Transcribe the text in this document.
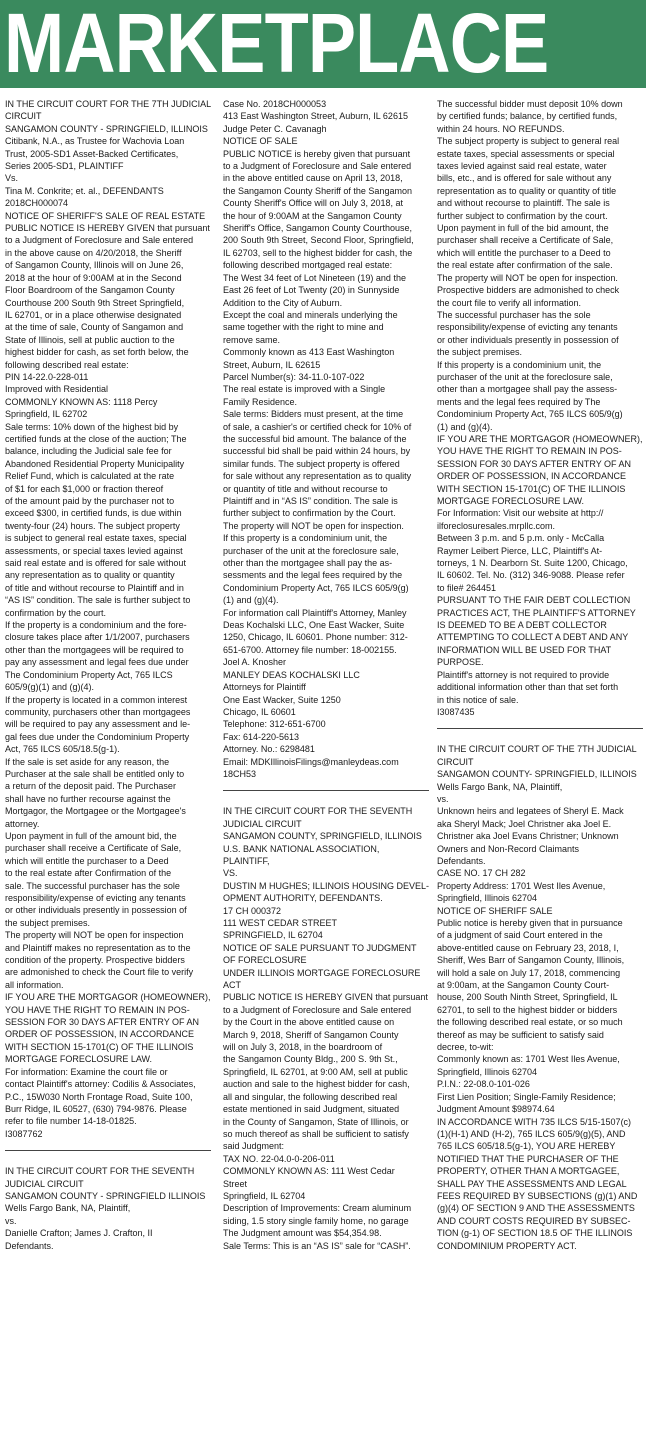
MARKETPLACE
IN THE CIRCUIT COURT FOR THE 7TH JUDICIAL
CIRCUIT
SANGAMON COUNTY - SPRINGFIELD, ILLINOIS
Citibank, N.A., as Trustee for Wachovia Loan
Trust, 2005-SD1 Asset-Backed Certificates,
Series 2005-SD1, PLAINTIFF
Vs.
Tina M. Conkrite; et. al., DEFENDANTS
2018CH000074
NOTICE OF SHERIFF'S SALE OF REAL ESTATE
PUBLIC NOTICE IS HEREBY GIVEN that pursuant
to a Judgment of Foreclosure and Sale entered
in the above cause on 4/20/2018, the Sheriff
of Sangamon County, Illinois will on June 26,
2018 at the hour of 9:00AM at in the Second
Floor Boardroom of the Sangamon County
Courthouse 200 South 9th Street Springfield,
IL 62701, or in a place otherwise designated
at the time of sale, County of Sangamon and
State of Illinois, sell at public auction to the
highest bidder for cash, as set forth below, the
following described real estate:
PIN 14-22.0-228-011
Improved with Residential
COMMONLY KNOWN AS: 1118 Percy
Springfield, IL 62702
Sale terms: 10% down of the highest bid by
certified funds at the close of the auction; The
balance, including the Judicial sale fee for
Abandoned Residential Property Municipality
Relief Fund, which is calculated at the rate
of $1 for each $1,000 or fraction thereof
of the amount paid by the purchaser not to
exceed $300, in certified funds, is due within
twenty-four (24) hours. The subject property
is subject to general real estate taxes, special
assessments, or special taxes levied against
said real estate and is offered for sale without
any representation as to quality or quantity
of title and without recourse to Plaintiff and in
“AS IS” condition. The sale is further subject to
confirmation by the court.
If the property is a condominium and the fore-
closure takes place after 1/1/2007, purchasers
other than the mortgagees will be required to
pay any assessment and legal fees due under
The Condominium Property Act, 765 ILCS
605/9(g)(1) and (g)(4).
If the property is located in a common interest
community, purchasers other than mortgagees
will be required to pay any assessment and le-
gal fees due under the Condominium Property
Act, 765 ILCS 605/18.5(g-1).
If the sale is set aside for any reason, the
Purchaser at the sale shall be entitled only to
a return of the deposit paid. The Purchaser
shall have no further recourse against the
Mortgagor, the Mortgagee or the Mortgagee's
attorney.
Upon payment in full of the amount bid, the
purchaser shall receive a Certificate of Sale,
which will entitle the purchaser to a Deed
to the real estate after Confirmation of the
sale. The successful purchaser has the sole
responsibility/expense of evicting any tenants
or other individuals presently in possession of
the subject premises.
The property will NOT be open for inspection
and Plaintiff makes no representation as to the
condition of the property. Prospective bidders
are admonished to check the Court file to verify
all information.
IF YOU ARE THE MORTGAGOR (HOMEOWNER),
YOU HAVE THE RIGHT TO REMAIN IN POS-
SESSION FOR 30 DAYS AFTER ENTRY OF AN
ORDER OF POSSESSION, IN ACCORDANCE
WITH SECTION 15-1701(C) OF THE ILLINOIS
MORTGAGE FORECLOSURE LAW.
For information: Examine the court file or
contact Plaintiff's attorney: Codilis & Associates,
P.C., 15W030 North Frontage Road, Suite 100,
Burr Ridge, IL 60527, (630) 794-9876. Please
refer to file number 14-18-01825.
I3087762
IN THE CIRCUIT COURT FOR THE SEVENTH
JUDICIAL CIRCUIT
SANGAMON COUNTY - SPRINGFIELD ILLINOIS
Wells Fargo Bank, NA, Plaintiff,
vs.
Danielle Crafton; James J. Crafton, II
Defendants.
Case No. 2018CH000053
413 East Washington Street, Auburn, IL 62615
Judge Peter C. Cavanagh
NOTICE OF SALE
PUBLIC NOTICE is hereby given that pursuant
to a Judgment of Foreclosure and Sale entered
in the above entitled cause on April 13, 2018,
the Sangamon County Sheriff of the Sangamon
County Sheriff's Office will on July 3, 2018, at
the hour of 9:00AM at the Sangamon County
Sheriff's Office, Sangamon County Courthouse,
200 South 9th Street, Second Floor, Springfield,
IL 62703, sell to the highest bidder for cash, the
following described mortgaged real estate:
The West 34 feet of Lot Nineteen (19) and the
East 26 feet of Lot Twenty (20) in Sunnyside
Addition to the City of Auburn.
Except the coal and minerals underlying the
same together with the right to mine and
remove same.
Commonly known as 413 East Washington
Street, Auburn, IL 62615
Parcel Number(s): 34-11.0-107-022
The real estate is improved with a Single
Family Residence.
Sale terms: Bidders must present, at the time
of sale, a cashier's or certified check for 10% of
the successful bid amount. The balance of the
successful bid shall be paid within 24 hours, by
similar funds. The subject property is offered
for sale without any representation as to quality
or quantity of title and without recourse to
Plaintiff and in “AS IS” condition. The sale is
further subject to confirmation by the Court.
The property will NOT be open for inspection.
If this property is a condominium unit, the
purchaser of the unit at the foreclosure sale,
other than the mortgagee shall pay the as-
sessments and the legal fees required by the
Condominium Property Act, 765 ILCS 605/9(g)
(1) and (g)(4).
For information call Plaintiff's Attorney, Manley
Deas Kochalski LLC, One East Wacker, Suite
1250, Chicago, IL 60601. Phone number: 312-
651-6700. Attorney file number: 18-002155.
Joel A. Knosher
MANLEY DEAS KOCHALSKI LLC
Attorneys for Plaintiff
One East Wacker, Suite 1250
Chicago, IL 60601
Telephone: 312-651-6700
Fax: 614-220-5613
Attorney. No.: 6298481
Email: MDKIllinoisFilings@manleydeas.com
18CH53
IN THE CIRCUIT COURT FOR THE SEVENTH
JUDICIAL CIRCUIT
SANGAMON COUNTY, SPRINGFIELD, ILLINOIS
U.S. BANK NATIONAL ASSOCIATION,
PLAINTIFF,
VS.
DUSTIN M HUGHES; ILLINOIS HOUSING DEVEL-
OPMENT AUTHORITY, DEFENDANTS.
17 CH 000372
111 WEST CEDAR STREET
SPRINGFIELD, IL 62704
NOTICE OF SALE PURSUANT TO JUDGMENT
OF FORECLOSURE
UNDER ILLINOIS MORTGAGE FORECLOSURE
ACT
PUBLIC NOTICE IS HEREBY GIVEN that pursuant
to a Judgment of Foreclosure and Sale entered
by the Court in the above entitled cause on
March 9, 2018, Sheriff of Sangamon County
will on July 3, 2018, in the boardroom of
the Sangamon County Bldg., 200 S. 9th St.,
Springfield, IL 62701, at 9:00 AM, sell at public
auction and sale to the highest bidder for cash,
all and singular, the following described real
estate mentioned in said Judgment, situated
in the County of Sangamon, State of Illinois, or
so much thereof as shall be sufficient to satisfy
said Judgment:
TAX NO. 22-04.0-0-206-011
COMMONLY KNOWN AS: 111 West Cedar
Street
Springfield, IL 62704
Description of Improvements: Cream aluminum
siding, 1.5 story single family home, no garage
The Judgment amount was $54,354.98.
Sale Terms: This is an “AS IS” sale for “CASH”.
The successful bidder must deposit 10% down
by certified funds; balance, by certified funds,
within 24 hours. NO REFUNDS.
The subject property is subject to general real
estate taxes, special assessments or special
taxes levied against said real estate, water
bills, etc., and is offered for sale without any
representation as to quality or quantity of title
and without recourse to plaintiff. The sale is
further subject to confirmation by the court.
Upon payment in full of the bid amount, the
purchaser shall receive a Certificate of Sale,
which will entitle the purchaser to a Deed to
the real estate after confirmation of the sale.
The property will NOT be open for inspection.
Prospective bidders are admonished to check
the court file to verify all information.
The successful purchaser has the sole
responsibility/expense of evicting any tenants
or other individuals presently in possession of
the subject premises.
If this property is a condominium unit, the
purchaser of the unit at the foreclosure sale,
other than a mortgagee shall pay the assess-
ments and the legal fees required by The
Condominium Property Act, 765 ILCS 605/9(g)
(1) and (g)(4).
IF YOU ARE THE MORTGAGOR (HOMEOWNER),
YOU HAVE THE RIGHT TO REMAIN IN POS-
SESSION FOR 30 DAYS AFTER ENTRY OF AN
ORDER OF POSSESSION, IN ACCORDANCE
WITH SECTION 15-1701(C) OF THE ILLINOIS
MORTGAGE FORECLOSURE LAW.
For Information: Visit our website at http://
ilforeclosuresales.mrpllc.com.
Between 3 p.m. and 5 p.m. only - McCalla
Raymer Leibert Pierce, LLC, Plaintiff's At-
torneys, 1 N. Dearborn St. Suite 1200, Chicago,
IL 60602. Tel. No. (312) 346-9088. Please refer
to file# 264451
PURSUANT TO THE FAIR DEBT COLLECTION
PRACTICES ACT, THE PLAINTIFF'S ATTORNEY
IS DEEMED TO BE A DEBT COLLECTOR
ATTEMPTING TO COLLECT A DEBT AND ANY
INFORMATION WILL BE USED FOR THAT
PURPOSE.
Plaintiff's attorney is not required to provide
additional information other than that set forth
in this notice of sale.
I3087435
IN THE CIRCUIT COURT OF THE 7TH JUDICIAL
CIRCUIT
SANGAMON COUNTY- SPRINGFIELD, ILLINOIS
Wells Fargo Bank, NA, Plaintiff,
vs.
Unknown heirs and legatees of Sheryl E. Mack
aka Sheryl Mack; Joel Christner aka Joel E.
Christner aka Joel Evans Christner; Unknown
Owners and Non-Record Claimants
Defendants.
CASE NO. 17 CH 282
Property Address: 1701 West Iles Avenue,
Springfield, Illinois 62704
NOTICE OF SHERIFF SALE
Public notice is hereby given that in pursuance
of a judgment of said Court entered in the
above-entitled cause on February 23, 2018, I,
Sheriff, Wes Barr of Sangamon County, Illinois,
will hold a sale on July 17, 2018, commencing
at 9:00am, at the Sangamon County Court-
house, 200 South Ninth Street, Springfield, IL
62701, to sell to the highest bidder or bidders
the following described real estate, or so much
thereof as may be sufficient to satisfy said
decree, to-wit:
Commonly known as: 1701 West Iles Avenue,
Springfield, Illinois 62704
P.I.N.: 22-08.0-101-026
First Lien Position; Single-Family Residence;
Judgment Amount $98974.64
IN ACCORDANCE WITH 735 ILCS 5/15-1507(c)
(1)(H-1) AND (H-2), 765 ILCS 605/9(g)(5), AND
765 ILCS 605/18.5(g-1), YOU ARE HEREBY
NOTIFIED THAT THE PURCHASER OF THE
PROPERTY, OTHER THAN A MORTGAGEE,
SHALL PAY THE ASSESSMENTS AND LEGAL
FEES REQUIRED BY SUBSECTIONS (g)(1) AND
(g)(4) OF SECTION 9 AND THE ASSESSMENTS
AND COURT COSTS REQUIRED BY SUBSEC-
TION (g-1) OF SECTION 18.5 OF THE ILLINOIS
CONDOMINIUM PROPERTY ACT.
